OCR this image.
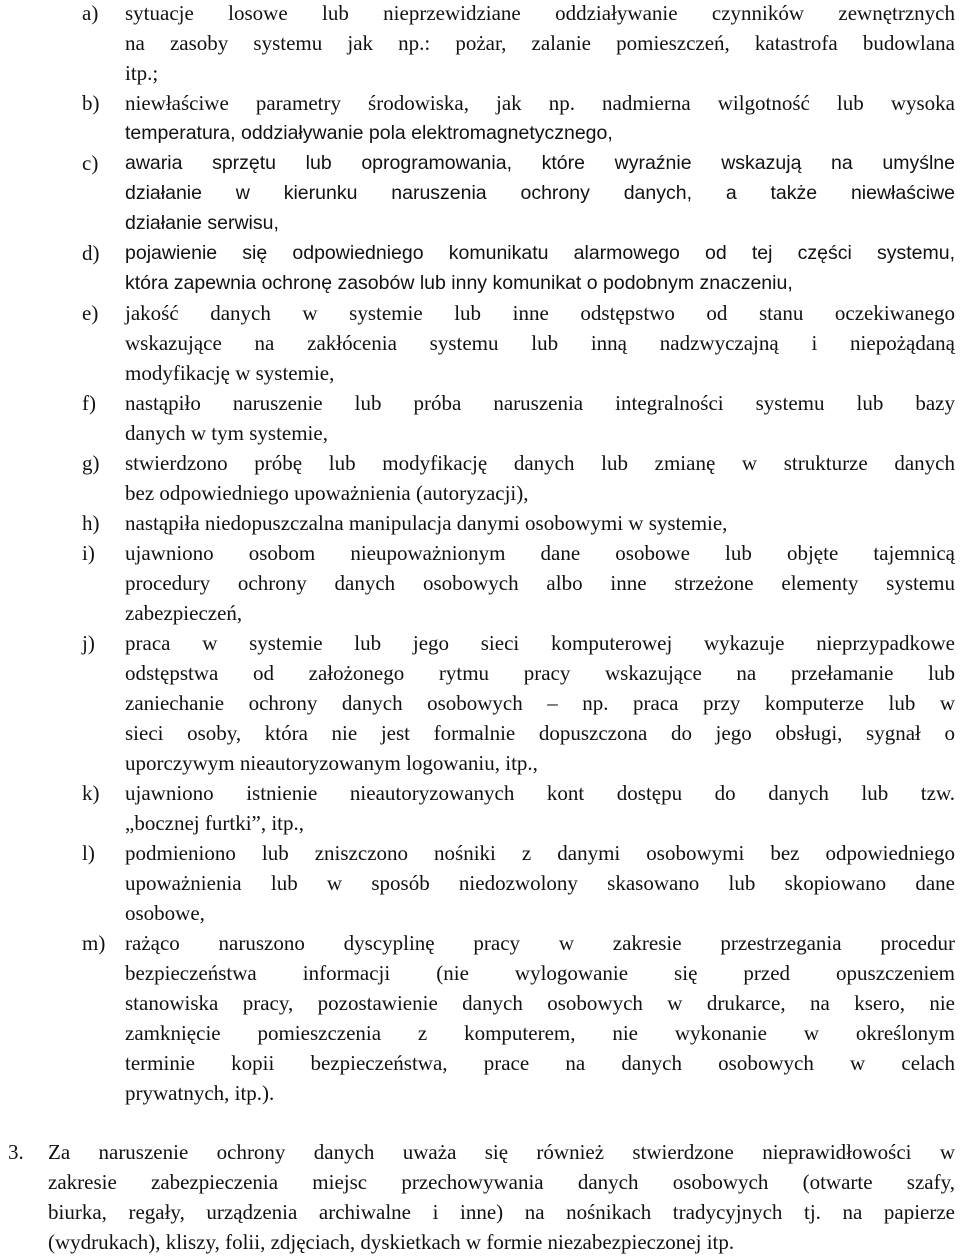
a) sytuacje losowe lub nieprzewidziane oddziaływanie czynników zewnętrznych
na zasoby systemu jak np.: pożar, zalanie pomieszczeń, katastrofa budowlana
itp.;
b) niewłaściwe parametry środowiska, jak np. nadmierna wilgotność lub wysoka
temperatura, oddziaływanie pola elektromagnetycznego,
c) awaria sprzętu lub oprogramowania, które wyraźnie wskazują na umyślne
działanie w kierunku naruszenia ochrony danych, a także niewłaściwe
działanie serwisu,
d) pojawienie się odpowiedniego komunikatu alarmowego od tej części systemu,
która zapewnia ochronę zasobów lub inny komunikat o podobnym znaczeniu,
e) jakość danych w systemie lub inne odstępstwo od stanu oczekiwanego
wskazujące na zakłócenia systemu lub inną nadzwyczajną i niepożądaną
modyfikację w systemie,
f) nastąpiło naruszenie lub próba naruszenia integralności systemu lub bazy
danych w tym systemie,
g) stwierdzono próbę lub modyfikację danych lub zmianę w strukturze danych
bez odpowiedniego upoważnienia (autoryzacji),
h) nastąpiła niedopuszczalna manipulacja danymi osobowymi w systemie,
i) ujawniono osobom nieupoważnionym dane osobowe lub objęte tajemnicą
procedury ochrony danych osobowych albo inne strzeżone elementy systemu
zabezpieczeń,
j) praca w systemie lub jego sieci komputerowej wykazuje nieprzypadkowe
odstępstwa od założonego rytmu pracy wskazujące na przełamanie lub
zaniechanie ochrony danych osobowych – np. praca przy komputerze lub w
sieci osoby, która nie jest formalnie dopuszczona do jego obsługi, sygnał o
uporczywym nieautoryzowanym logowaniu, itp.,
k) ujawniono istnienie nieautoryzowanych kont dostępu do danych lub tzw.
„bocznej furtki”, itp.,
l) podmieniono lub zniszczono nośniki z danymi osobowymi bez odpowiedniego
upoważnienia lub w sposób niedozwolony skasowano lub skopiowano dane
osobowe,
m) rażąco naruszono dyscyplinę pracy w zakresie przestrzegania procedur
bezpieczeństwa informacji (nie wylogowanie się przed opuszczeniem
stanowiska pracy, pozostawienie danych osobowych w drukarce, na ksero, nie
zamknięcie pomieszczenia z komputerem, nie wykonanie w określonym
terminie kopii bezpieczeństwa, prace na danych osobowych w celach
prywatnych, itp.).
3. Za naruszenie ochrony danych uważa się również stwierdzone nieprawidłowości w
zakresie zabezpieczenia miejsc przechowywania danych osobowych (otwarte szafy,
biurka, regały, urządzenia archiwalne i inne) na nośnikach tradycyjnych tj. na papierze
(wydrukach), kliszy, folii, zdjęciach, dyskietkach w formie niezabezpieczonej itp.
